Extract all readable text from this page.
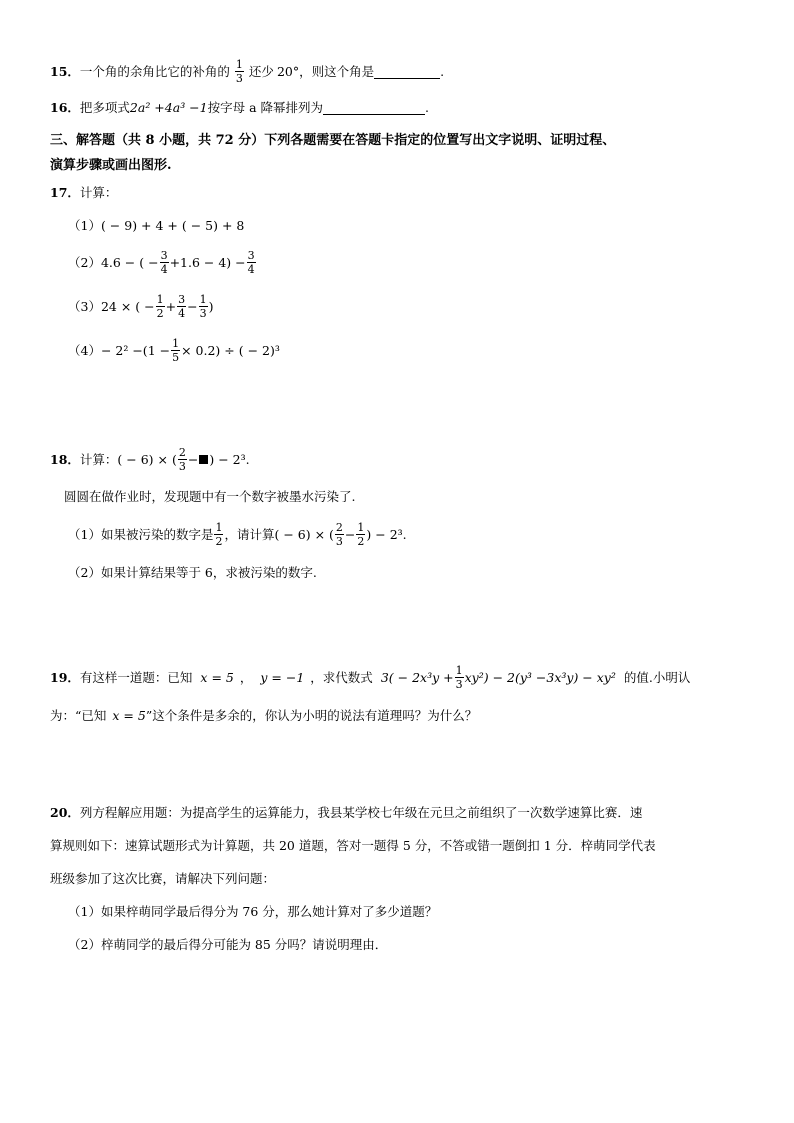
15． 一个角的余角比它的补角的 $\frac{1}{3}$ 还少 20° ，则这个角是	.
16． 把多项式 2a² +4a³ −1 按字母 a 降幂排列为	.
三、解答题（共 8 小题，共 72 分）下列各题需要在答题卡指定的位置写出文字说明、证明过程、
演算步骤或画出图形.
17． 计算：
（1） ( − 9) + 4 + ( − 5) + 8
（2） 4.6 − ( − $\frac{3}{4} +1.6 - 4) - \frac{3}{4}$
（3） 24 × ( − $\frac{1}{2} + \frac{3}{4} - \frac{1}{3}$ )
$(4) - 2^2 -(1 - \frac{1}{5} \times 0.2)$ ÷ ( − 2)³
18． 计算： ( − 6) × ( $\frac{2}{3}$ − ) − 2³.
圆圆在做作业时，发现题中有一个数字被墨水污染了.
（1） 如果被污染的数字是 $\frac{1}{2}$ ，请计算 ( − 6) × ( $\frac{2}{3} - \frac{1}{2}$ ) − 2³.
（2） 如果计算结果等于 6，求被污染的数字.
19． 有这样一道题：已知 x = 5 ， y = −1 ，求代数式 $3( - 2x^3y + \frac{1}{3} xy^2) - 2(y^3 -3x^3y) - xy^2$ 的值.小明认
为：“已知 x = 5 ”这个条件是多余的，你认为小明的说法有道理吗？为什么？
20． 列方程解应用题：为提高学生的运算能力，我县某学校七年级在元旦之前组织了一次数学速算比赛．速
算规则如下：速算试题形式为计算题，共 20 道题，答对一题得 5 分，不答或错一题倒扣 1 分．梓萌同学代表
班级参加了这次比赛，请解决下列问题：
（1）如果梓萌同学最后得分为 76 分，那么她计算对了多少道题？
（2）梓萌同学的最后得分可能为 85 分吗？请说明理由．
